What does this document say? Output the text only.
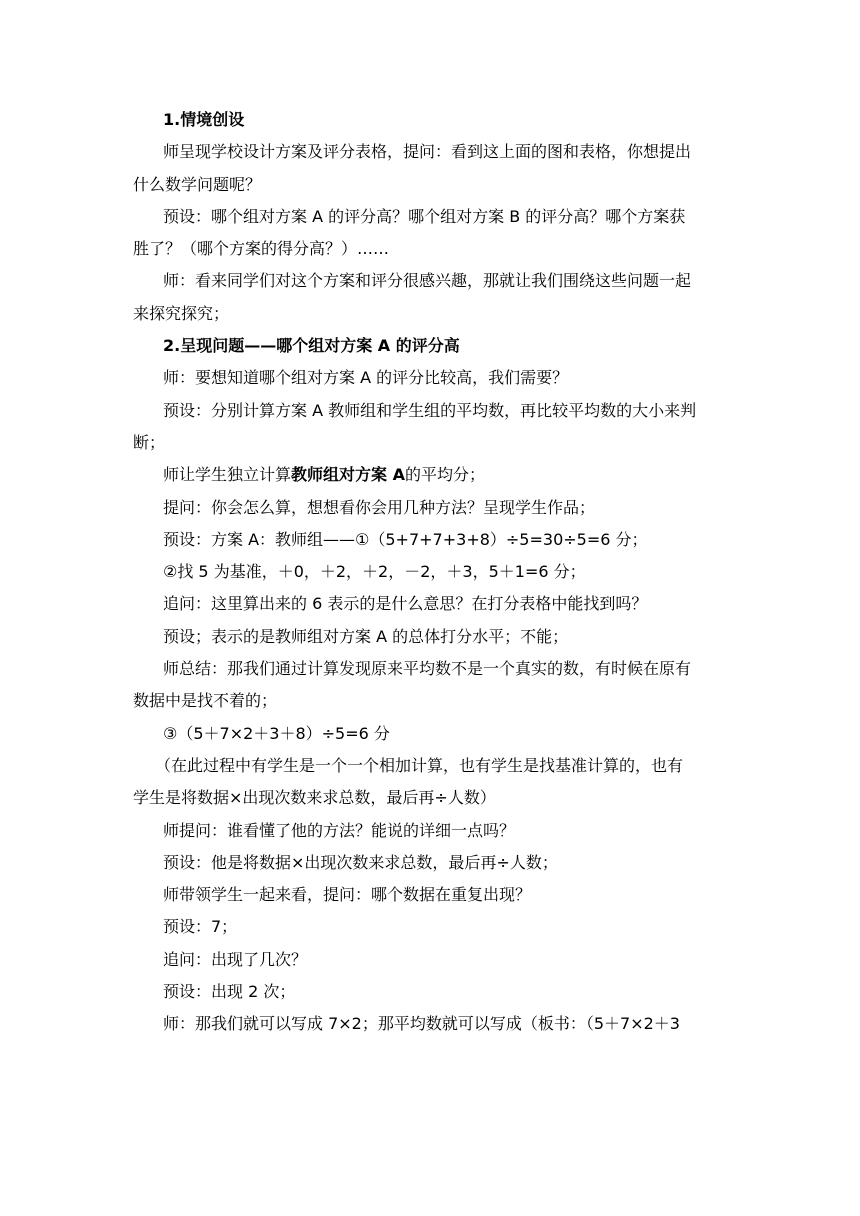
1.情境创设

师呈现学校设计方案及评分表格，提问：看到这上面的图和表格，你想提出

什么数学问题呢？

预设：哪个组对方案 A 的评分高？哪个组对方案 B 的评分高？哪个方案获

胜了？（哪个方案的得分高？）……

师：看来同学们对这个方案和评分很感兴趣，那就让我们围绕这些问题一起

来探究探究；

2.呈现问题——哪个组对方案 A 的评分高

师：要想知道哪个组对方案 A 的评分比较高，我们需要？

预设：分别计算方案 A 教师组和学生组的平均数，再比较平均数的大小来判

断；

师让学生独立计算教师组对方案 A的平均分；

提问：你会怎么算，想想看你会用几种方法？呈现学生作品；

预设：方案 A：教师组——①（5+7+7+3+8）÷5=30÷5=6 分；

②找 5 为基准，＋0，＋2，＋2，－2，＋3，5＋1=6 分；

追问：这里算出来的 6 表示的是什么意思？在打分表格中能找到吗？

预设；表示的是教师组对方案 A 的总体打分水平；不能；

师总结：那我们通过计算发现原来平均数不是一个真实的数，有时候在原有

数据中是找不着的；

③（5＋7×2＋3＋8）÷5=6 分

（在此过程中有学生是一个一个相加计算，也有学生是找基准计算的，也有

学生是将数据×出现次数来求总数，最后再÷人数）

师提问：谁看懂了他的方法？能说的详细一点吗？

预设：他是将数据×出现次数来求总数，最后再÷人数；

师带领学生一起来看，提问：哪个数据在重复出现？

预设：7；

追问：出现了几次？

预设：出现 2 次；

师：那我们就可以写成 7×2；那平均数就可以写成（板书：（5＋7×2＋3
